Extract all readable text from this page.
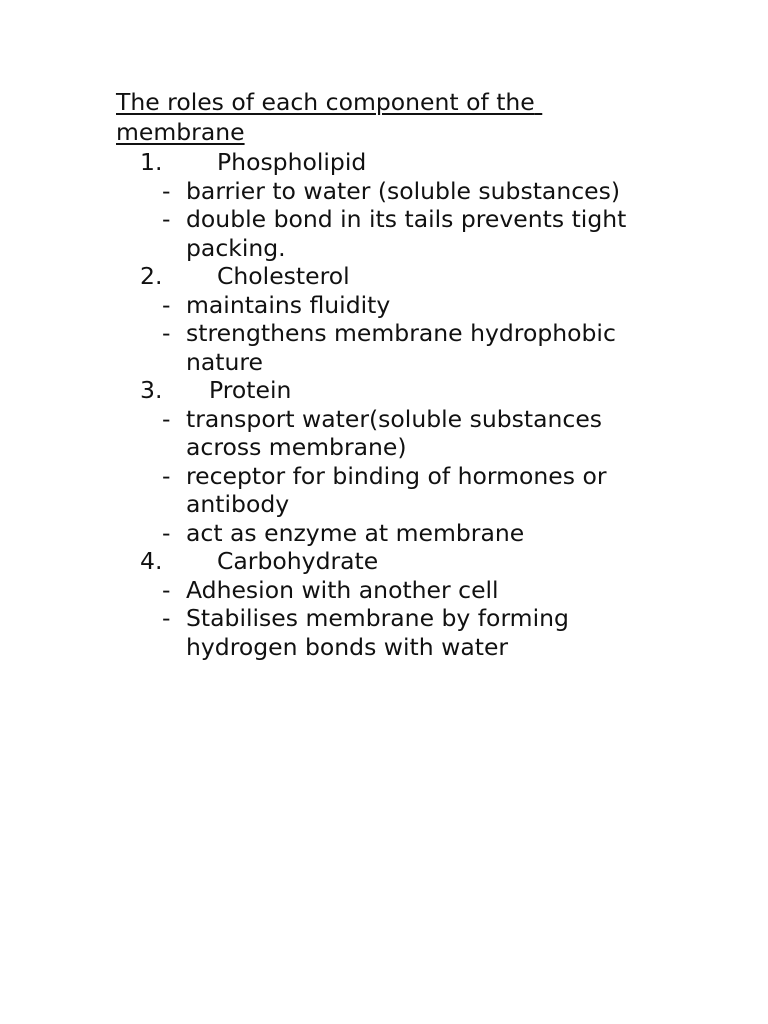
The roles of each component of the membrane
1. Phospholipid
- barrier to water (soluble substances)
- double bond in its tails prevents tight packing.
2. Cholesterol
- maintains fluidity
- strengthens membrane hydrophobic nature
3. Protein
- transport water(soluble substances across membrane)
- receptor for binding of hormones or antibody
- act as enzyme at membrane
4. Carbohydrate
- Adhesion with another cell
- Stabilises membrane by forming hydrogen bonds with water
